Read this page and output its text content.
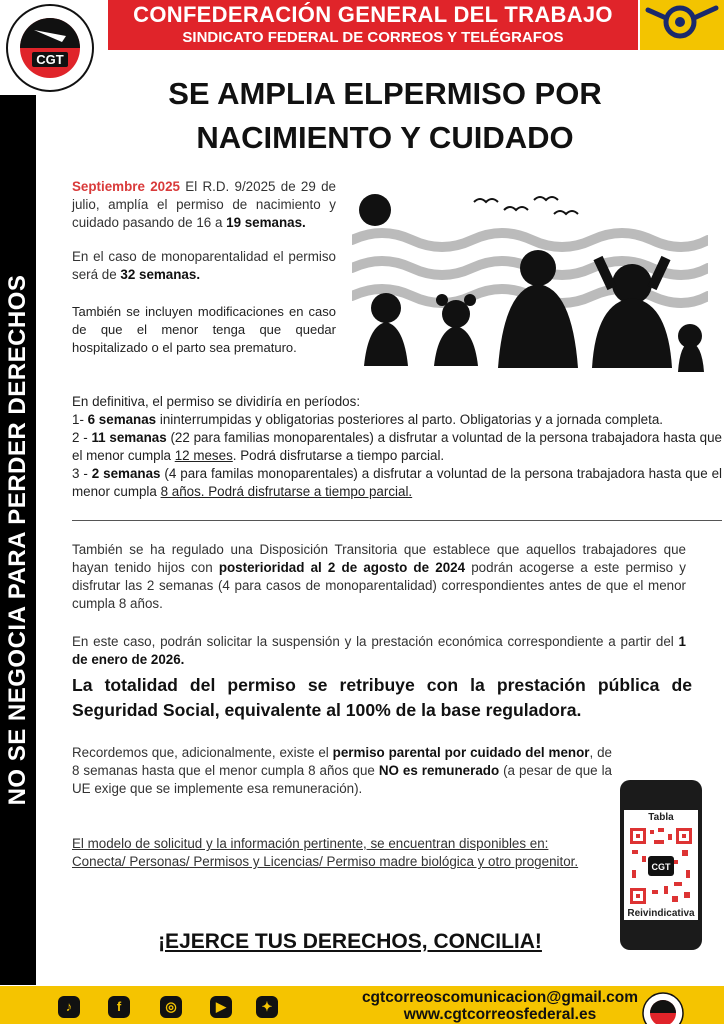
CGT
CONFEDERACIÓN GENERAL DEL TRABAJO
SINDICATO FEDERAL DE CORREOS Y TELÉGRAFOS
NO SE NEGOCIA PARA PERDER DERECHOS
SE AMPLIA ELPERMISO POR
NACIMIENTO Y CUIDADO
Septiembre 2025 El R.D. 9/2025 de 29 de julio, amplía el permiso de nacimiento y cuidado pasando de 16 a 19 semanas.
En el caso de monoparentalidad el permiso será de 32 semanas.
También se incluyen modificaciones en caso de que el menor tenga que quedar hospitalizado o el parto sea prematuro.
En definitiva, el permiso se dividiría en períodos:
1- 6 semanas ininterrumpidas y obligatorias posteriores al parto. Obligatorias y a jornada completa.
2 - 11 semanas (22 para familias monoparentales) a disfrutar a voluntad de la persona trabajadora hasta que el menor cumpla 12 meses. Podrá disfrutarse a tiempo parcial.
3 - 2 semanas (4 para familas monoparentales) a disfrutar a voluntad de la persona trabajadora hasta que el menor cumpla 8 años. Podrá disfrutarse a tiempo parcial.
También se ha regulado una Disposición Transitoria que establece que aquellos trabajadores que hayan tenido hijos con posterioridad al 2 de agosto de 2024 podrán acogerse a este permiso y disfrutar las 2 semanas (4 para casos de monoparentalidad) correspondientes antes de que el menor cumpla 8 años.
En este caso, podrán solicitar la suspensión y la prestación económica correspondiente a partir del 1 de enero de 2026.
La totalidad del permiso se retribuye con la prestación pública de Seguridad Social, equivalente al 100% de la base reguladora.
Recordemos que, adicionalmente, existe el permiso parental por cuidado del menor, de 8 semanas hasta que el menor cumpla 8 años que NO es remunerado (a pesar de que la UE exige que se implemente esa remuneración).
El modelo de solicitud y la información pertinente, se encuentran disponibles en: Conecta/ Personas/ Permisos y Licencias/ Permiso madre biológica y otro progenitor.
Tabla
CGT
Reivindicativa
¡EJERCE TUS DERECHOS, CONCILIA!
♪	f	◎	▶	✦
cgtcorreoscomunicacion@gmail.com
www.cgtcorreosfederal.es
